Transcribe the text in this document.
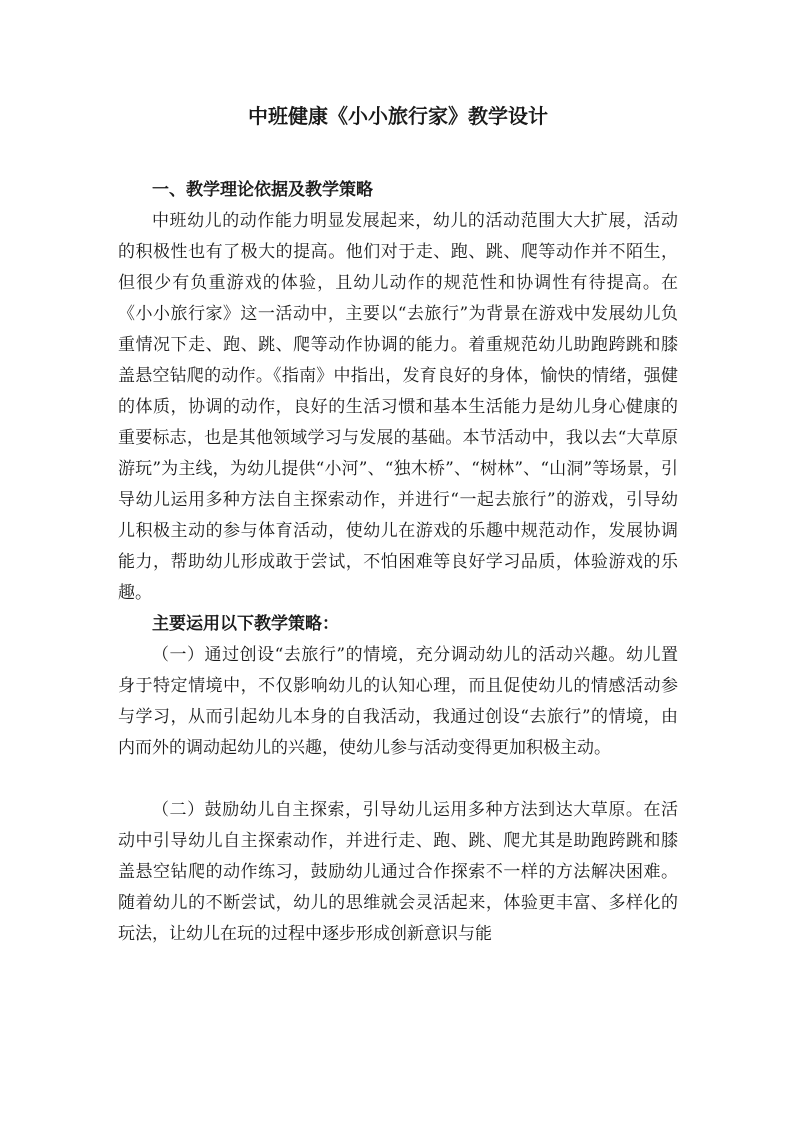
中班健康《小小旅行家》教学设计
一、教学理论依据及教学策略

中班幼儿的动作能力明显发展起来，幼儿的活动范围大大扩展，活动的积极性也有了极大的提高。他们对于走、跑、跳、爬等动作并不陌生，但很少有负重游戏的体验，且幼儿动作的规范性和协调性有待提高。在《小小旅行家》这一活动中，主要以“去旅行”为背景在游戏中发展幼儿负重情况下走、跑、跳、爬等动作协调的能力。着重规范幼儿助跑跨跳和膝盖悬空钻爬的动作。《指南》中指出，发育良好的身体，愉快的情绪，强健的体质，协调的动作，良好的生活习惯和基本生活能力是幼儿身心健康的重要标志，也是其他领域学习与发展的基础。本节活动中，我以去“大草原游玩”为主线，为幼儿提供“小河”、“独木桥”、“树林”、“山洞”等场景，引导幼儿运用多种方法自主探索动作，并进行“一起去旅行”的游戏，引导幼儿积极主动的参与体育活动，使幼儿在游戏的乐趣中规范动作，发展协调能力，帮助幼儿形成敢于尝试，不怕困难等良好学习品质，体验游戏的乐趣。

主要运用以下教学策略：

（一）通过创设“去旅行”的情境，充分调动幼儿的活动兴趣。幼儿置身于特定情境中，不仅影响幼儿的认知心理，而且促使幼儿的情感活动参与学习，从而引起幼儿本身的自我活动，我通过创设“去旅行”的情境，由内而外的调动起幼儿的兴趣，使幼儿参与活动变得更加积极主动。

（二）鼓励幼儿自主探索，引导幼儿运用多种方法到达大草原。在活动中引导幼儿自主探索动作，并进行走、跑、跳、爬尤其是助跑跨跳和膝盖悬空钻爬的动作练习，鼓励幼儿通过合作探索不一样的方法解决困难。随着幼儿的不断尝试，幼儿的思维就会灵活起来，体验更丰富、多样化的玩法，让幼儿在玩的过程中逐步形成创新意识与能
